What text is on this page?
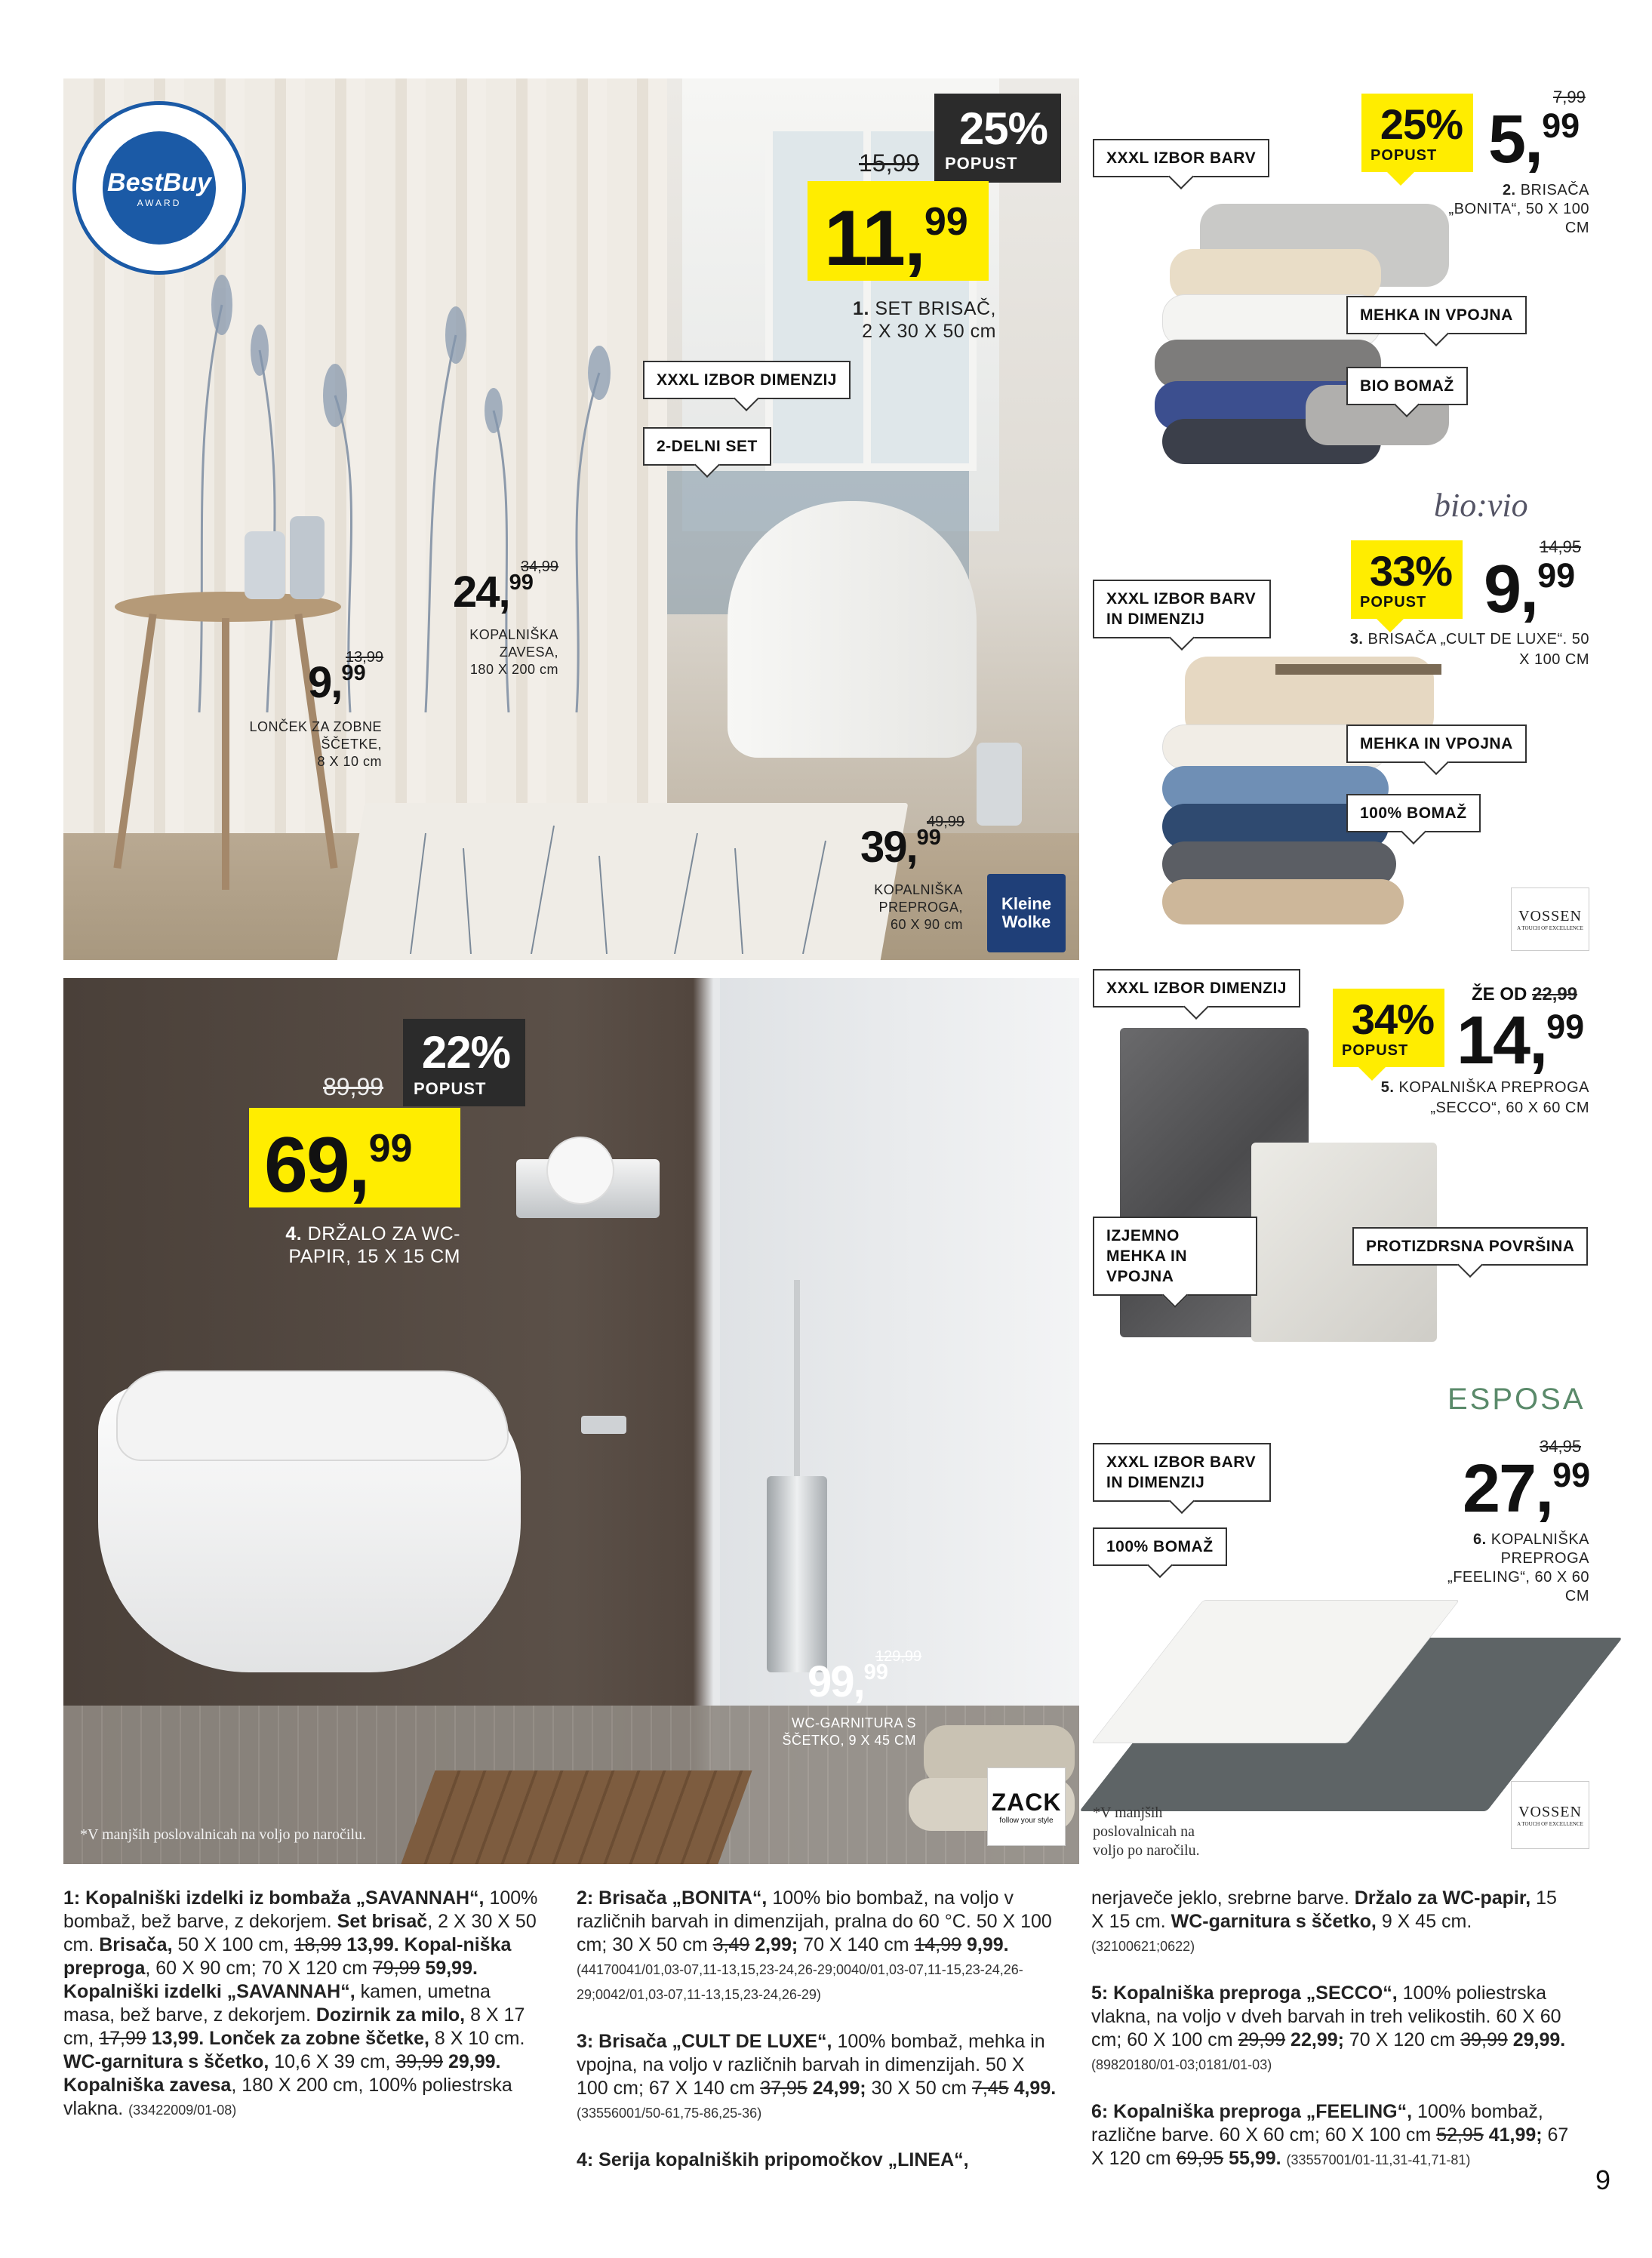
BestBuy
AWARD
25%
POPUST
15,99
11,99
1. SET BRISAČ,
2 X 30 X 50 cm
XXXL IZBOR DIMENZIJ
2-DELNI SET
34,99
24,99
KOPALNIŠKA ZAVESA,
180 X 200 cm
13,99
9,99
LONČEK ZA ZOBNE ŠČETKE,
8 X 10 cm
49,99
39,99
KOPALNIŠKA PREPROGA,
60 X 90 cm
Kleine Wolke
22%
POPUST
89,99
69,99
4. DRŽALO ZA WC-PAPIR, 15 X 15 CM
129,99
99,99
WC-GARNITURA S ŠČETKO, 9 X 45 CM
*V manjših poslovalnicah na voljo po naročilu.
ZACK
follow your style
XXXL IZBOR BARV
25%
POPUST
7,99
5,99
2. BRISAČA „BONITA“, 50 X 100 CM
MEHKA IN VPOJNA
BIO BOMAŽ
bio:vio
XXXL IZBOR BARV IN DIMENZIJ
33%
POPUST
14,95
9,99
3. BRISAČA „CULT DE LUXE“. 50 X 100 CM
MEHKA IN VPOJNA
100% BOMAŽ
VOSSEN
A TOUCH OF EXCELLENCE
XXXL IZBOR DIMENZIJ
34%
POPUST
ŽE OD 22,99
14,99
5. KOPALNIŠKA PREPROGA „SECCO“, 60 X 60 CM
IZJEMNO MEHKA IN VPOJNA
PROTIZDRSNA POVRŠINA
ESPOSA
XXXL IZBOR BARV IN DIMENZIJ
100% BOMAŽ
34,95
27,99
6. KOPALNIŠKA PREPROGA „FEELING“, 60 X 60 CM
*V manjših poslovalnicah na voljo po naročilu.
VOSSEN
A TOUCH OF EXCELLENCE
1: Kopalniški izdelki iz bombaža „SAVANNAH“, 100% bombaž, bež barve, z dekorjem. Set brisač, 2 X 30 X 50 cm. Brisača, 50 X 100 cm, 18,99 13,99. Kopal-niška preproga, 60 X 90 cm; 70 X 120 cm 79,99 59,99. Kopalniški izdelki „SAVANNAH“, kamen, umetna masa, bež barve, z dekorjem. Dozirnik za milo, 8 X 17 cm, 17,99 13,99. Lonček za zobne ščetke, 8 X 10 cm. WC-garnitura s ščetko, 10,6 X 39 cm, 39,99 29,99. Kopalniška zavesa, 180 X 200 cm, 100% poliestrska vlakna. (33422009/01-08)
2: Brisača „BONITA“, 100% bio bombaž, na voljo v različnih barvah in dimenzijah, pralna do 60 °C. 50 X 100 cm; 30 X 50 cm 3,49 2,99; 70 X 140 cm 14,99 9,99. (44170041/01,03-07,11-13,15,23-24,26-29;0040/01,03-07,11-15,23-24,26-29;0042/01,03-07,11-13,15,23-24,26-29)

3: Brisača „CULT DE LUXE“, 100% bombaž, mehka in vpojna, na voljo v različnih barvah in dimenzijah. 50 X 100 cm; 67 X 140 cm 37,95 24,99; 30 X 50 cm 7,45 4,99. (33556001/50-61,75-86,25-36)

4: Serija kopalniških pripomočkov „LINEA“,
nerjaveče jeklo, srebrne barve. Držalo za WC-papir, 15 X 15 cm. WC-garnitura s ščetko, 9 X 45 cm. (32100621;0622)

5: Kopalniška preproga „SECCO“, 100% poliestrska vlakna, na voljo v dveh barvah in treh velikostih. 60 X 60 cm; 60 X 100 cm 29,99 22,99; 70 X 120 cm 39,99 29,99. (89820180/01-03;0181/01-03)

6: Kopalniška preproga „FEELING“, 100% bombaž, različne barve. 60 X 60 cm; 60 X 100 cm 52,95 41,99; 67 X 120 cm 69,95 55,99. (33557001/01-11,31-41,71-81)
9
